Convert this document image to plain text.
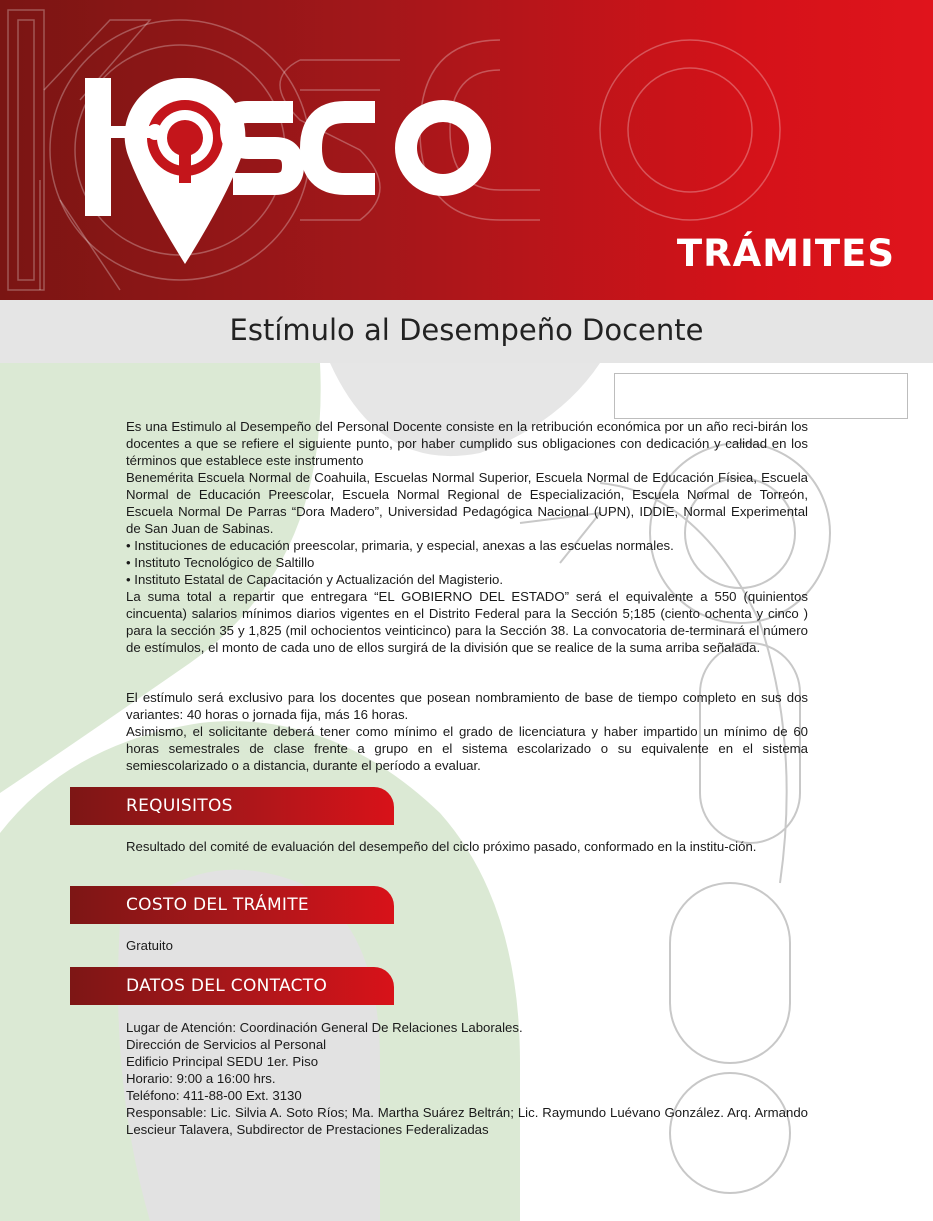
TRÁMITES
Estímulo al Desempeño Docente

Es una Estimulo al Desempeño del Personal Docente consiste en la retribución económica por un año reci-birán los docentes a que se refiere el siguiente punto, por haber cumplido sus obligaciones con dedicación y calidad en los términos que establece este instrumento

Benemérita Escuela Normal de Coahuila, Escuelas Normal Superior, Escuela Normal de Educación Física, Escuela Normal de Educación Preescolar, Escuela Normal Regional de Especialización, Escuela Normal de Torreón, Escuela Normal De Parras “Dora Madero”, Universidad Pedagógica Nacional (UPN), IDDIE, Normal Experimental de San Juan de Sabinas.

• Instituciones de educación preescolar, primaria, y especial, anexas a las escuelas normales.

• Instituto Tecnológico de Saltillo

• Instituto Estatal de Capacitación y Actualización del Magisterio.

La suma total a repartir que entregara “EL GOBIERNO DEL ESTADO” será el equivalente a 550 (quinientos cincuenta) salarios mínimos diarios vigentes en el Distrito Federal para la Sección 5;185 (ciento ochenta y cinco ) para la sección 35 y 1,825 (mil ochocientos veinticinco) para la Sección 38. La convocatoria de-terminará el número de estímulos, el monto de cada uno de ellos surgirá de la división que se realice de la suma arriba señalada.

El estímulo será exclusivo para los docentes que posean nombramiento de base de tiempo completo en sus dos variantes: 40 horas o jornada fija, más 16 horas.

Asimismo, el solicitante deberá tener como mínimo el grado de licenciatura y haber impartido un mínimo de 60 horas semestrales de clase frente a grupo en el sistema escolarizado o su equivalente en el sistema semiescolarizado o a distancia, durante el período a evaluar.

REQUISITOS

Resultado del comité de evaluación del desempeño del ciclo próximo pasado, conformado en la institu-ción.

COSTO DEL TRÁMITE

Gratuito

DATOS DEL CONTACTO

Lugar de Atención: Coordinación General De Relaciones Laborales.

Dirección de Servicios al Personal

Edificio Principal SEDU 1er. Piso

Horario: 9:00 a 16:00 hrs.

Teléfono: 411-88-00 Ext. 3130

Responsable: Lic. Silvia A. Soto Ríos; Ma. Martha Suárez Beltrán; Lic. Raymundo Luévano González. Arq. Armando Lescieur Talavera, Subdirector de Prestaciones Federalizadas
